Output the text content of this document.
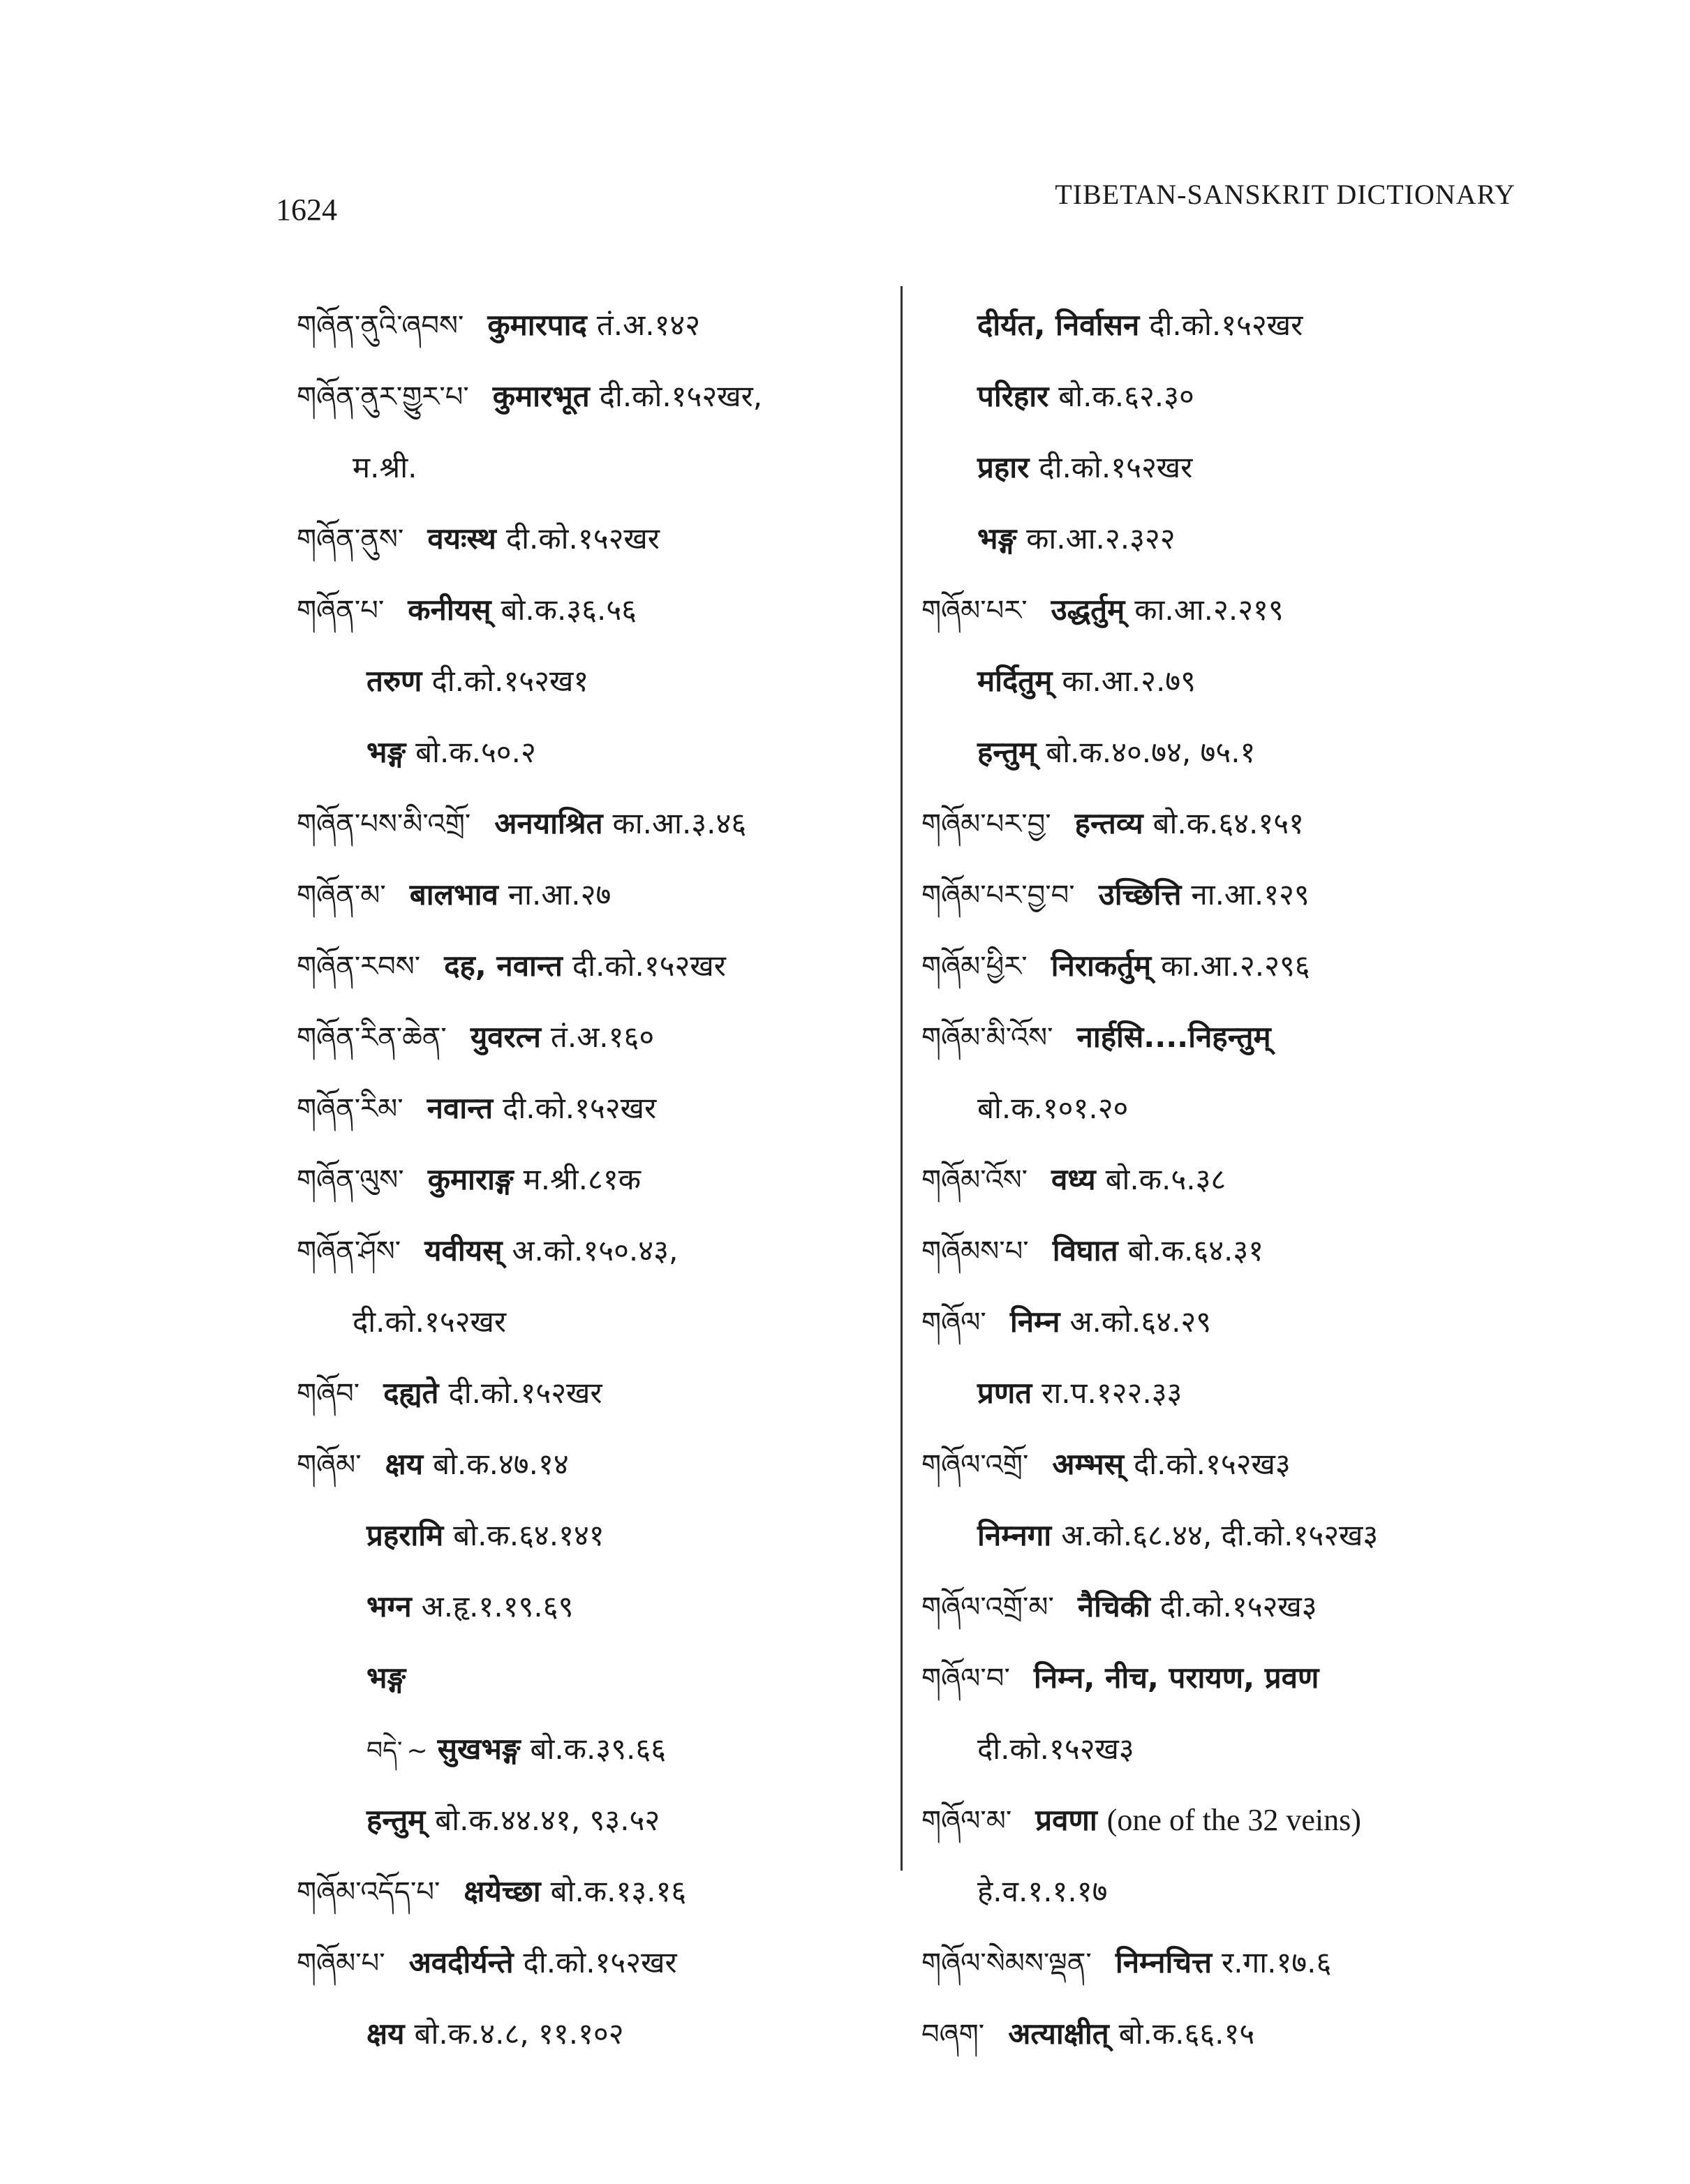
1624	TIBETAN-SANSKRIT DICTIONARY
གཞོན་ནུའི་ཞབས་ कुमारपाद तं.अ.१४२
གཞོན་ནུར་གྱུར་པ་ कुमारभूत दी.को.१५२खर,
म.श्री.
གཞོན་ནུས་ वयःस्थ दी.को.१५२खर
གཞོན་པ་ कनीयस् बो.क.३६.५६
तरुण दी.को.१५२ख१
भङ्ग बो.क.५०.२
གཞོན་པས་མི་འགྲོ་ अनयाश्रित का.आ.३.४६
གཞོན་མ་ बालभाव ना.आ.२७
གཞོན་རབས་ दह, नवान्त दी.को.१५२खर
གཞོན་རིན་ཆེན་ युवरत्न तं.अ.१६०
གཞོན་རིམ་ नवान्त दी.को.१५२खर
གཞོན་ལུས་ कुमाराङ्ग म.श्री.८१क
གཞོན་ཤོས་ यवीयस् अ.को.१५०.४३,
दी.को.१५२खर
གཞོབ་ दह्यते दी.को.१५२खर
གཞོམ་ क्षय बो.क.४७.१४
प्रहरामि बो.क.६४.१४१
भग्न अ.हृ.१.१९.६९
भङ्ग
བདེ་ ~ सुखभङ्ग बो.क.३९.६६
हन्तुम् बो.क.४४.४१, ९३.५२
གཞོམ་འདོད་པ་ क्षयेच्छा बो.क.१३.१६
གཞོམ་པ་ अवदीर्यन्ते दी.को.१५२खर
क्षय बो.क.४.८, ११.१०२
दीर्यत, निर्वासन दी.को.१५२खर
परिहार बो.क.६२.३०
प्रहार दी.को.१५२खर
भङ्ग का.आ.२.३२२
གཞོམ་པར་ उद्धर्तुम् का.आ.२.२१९
मर्दितुम् का.आ.२.७९
हन्तुम् बो.क.४०.७४, ७५.१
གཞོམ་པར་བྱ་ हन्तव्य बो.क.६४.१५१
གཞོམ་པར་བྱ་བ་ उच्छित्ति ना.आ.१२९
གཞོམ་ཕྱིར་ निराकर्तुम् का.आ.२.२९६
གཞོམ་མི་འོས་ नार्हसि....निहन्तुम्
बो.क.१०१.२०
གཞོམ་འོས་ वध्य बो.क.५.३८
གཞོམས་པ་ विघात बो.क.६४.३१
གཞོལ་ निम्न अ.को.६४.२९
प्रणत रा.प.१२२.३३
གཞོལ་འགྲོ་ अम्भस् दी.को.१५२ख३
निम्नगा अ.को.६८.४४, दी.को.१५२ख३
གཞོལ་འགྲོ་མ་ नैचिकी दी.को.१५२ख३
གཞོལ་བ་ निम्न, नीच, परायण, प्रवण
दी.को.१५२ख३
གཞོལ་མ་ प्रवणा (one of the 32 veins)
हे.व.१.१.१७
གཞོལ་སེམས་ལྡན་ निम्नचित्त र.गा.१७.६
བཞག་ अत्याक्षीत् बो.क.६६.१५
